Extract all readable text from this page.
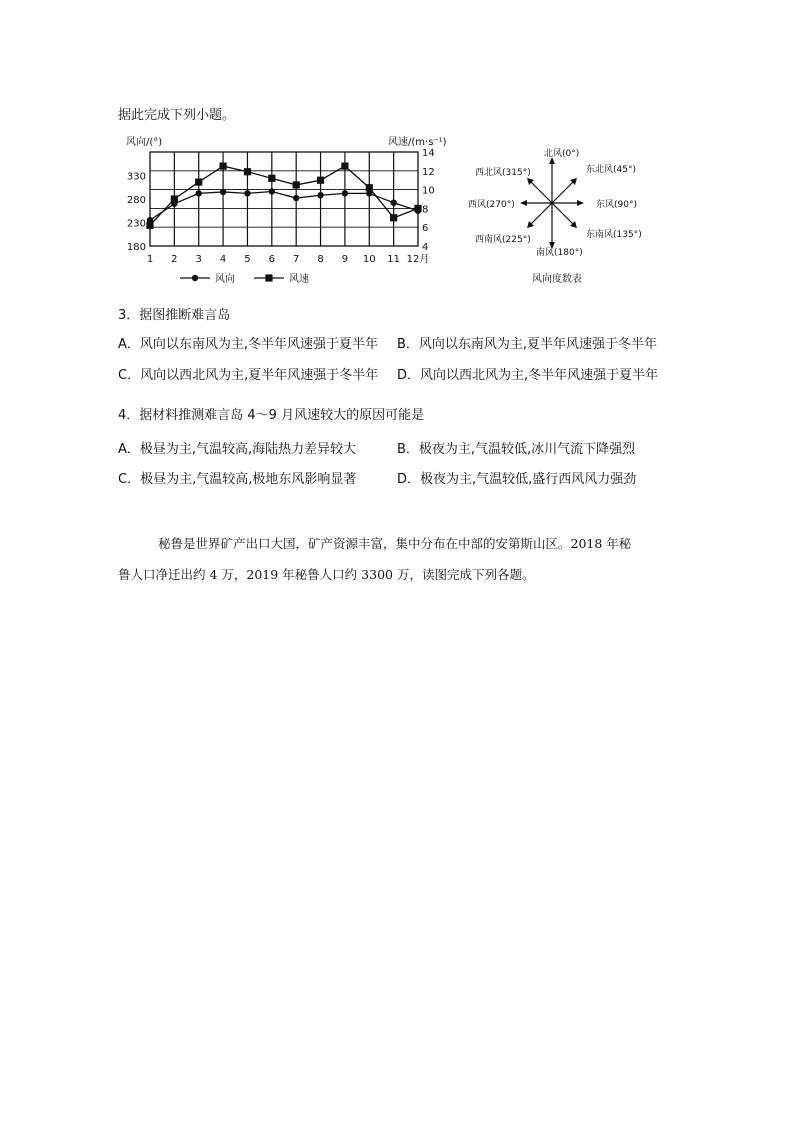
据此完成下列小题。
风向/(°)	风速/(m·s⁻¹)
180
230
280
330
4
6
8
10
12
14
1 2 3 4 5 6 7 8 9 10 11 12月
风向	风速
北风(0°)
东北风(45°)
东风(90°)
东南风(135°)
南风(180°)
西南风(225°)
西风(270°)
西北风(315°)
风向度数表
3．据图推断难言岛
A．风向以东南风为主,冬半年风速强于夏半年 B．风向以东南风为主,夏半年风速强于冬半年
C．风向以西北风为主,夏半年风速强于冬半年 D．风向以西北风为主,冬半年风速强于夏半年
4．据材料推测难言岛 4～9 月风速较大的原因可能是
A．极昼为主,气温较高,海陆热力差异较大	B．极夜为主,气温较低,冰川气流下降强烈
C．极昼为主,气温较高,极地东风影响显著	D．极夜为主,气温较低,盛行西风风力强劲
秘鲁是世界矿产出口大国，矿产资源丰富，集中分布在中部的安第斯山区。2018 年秘
鲁人口净迁出约 4 万，2019 年秘鲁人口约 3300 万，读图完成下列各题。
